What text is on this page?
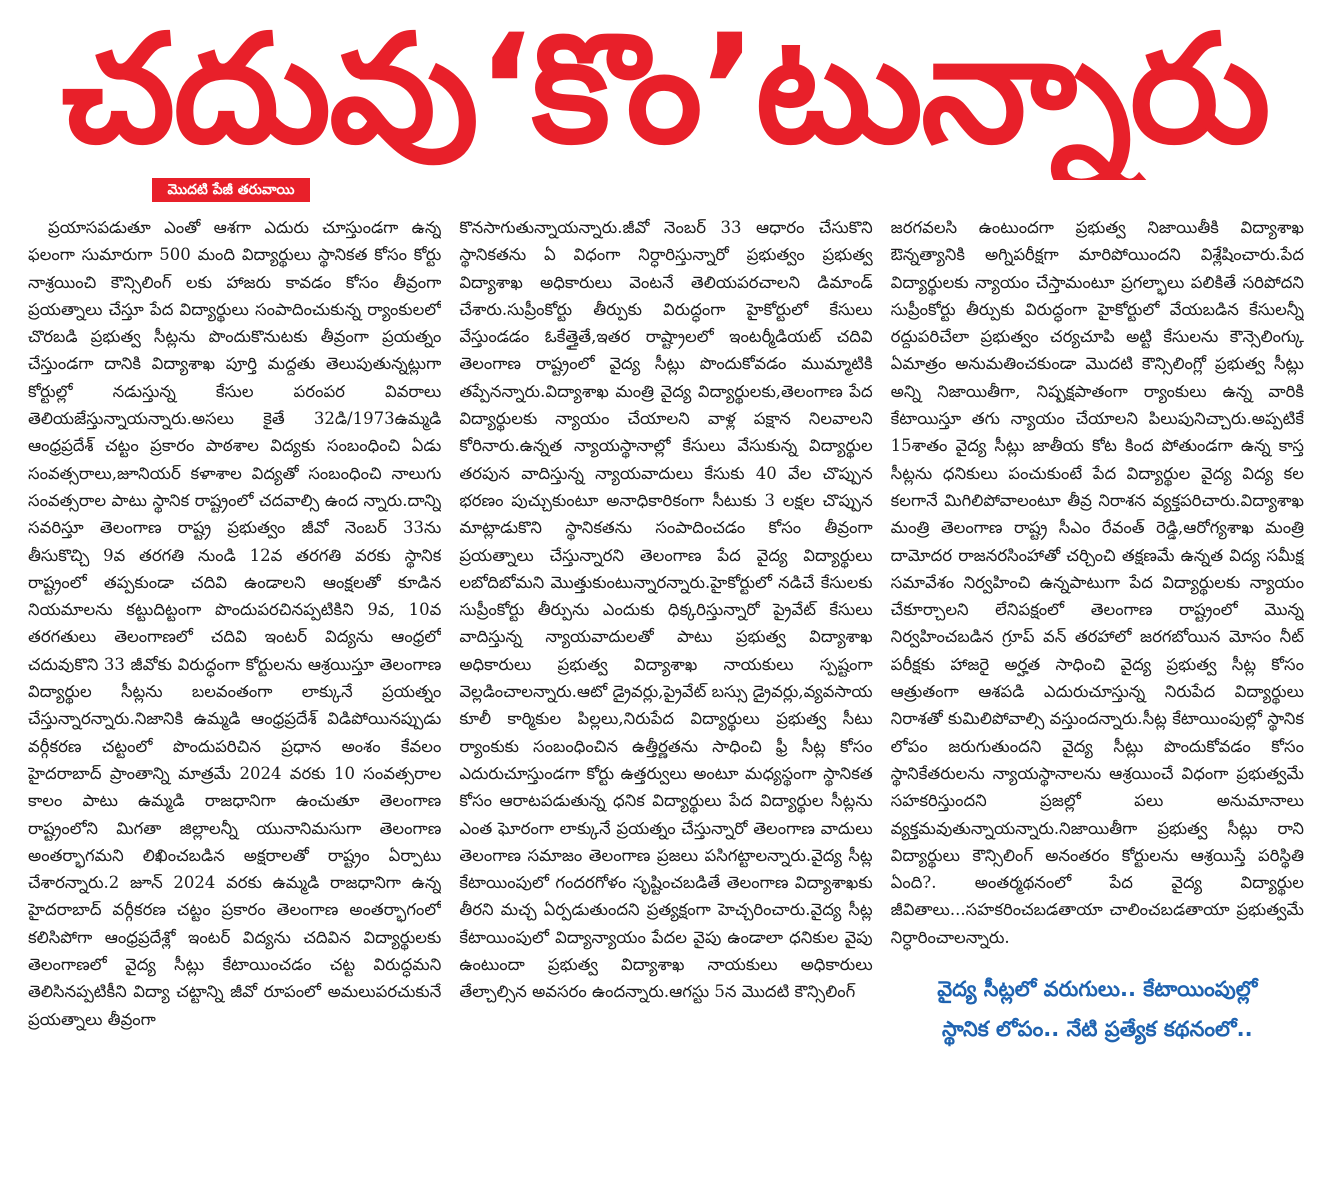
చదువు‘కొం’టున్నారు
మొదటి పేజీ తరువాయి

ప్రయాసపడుతూ ఎంతో ఆశగా ఎదురు చూస్తుండగా ఉన్న ఫలంగా సుమారుగా 500 మంది విద్యార్థులు స్థానికత కోసం కోర్టు నాశ్రయించి కౌన్సిలింగ్ లకు హాజరు కావడం కోసం తీవ్రంగా ప్రయత్నాలు చేస్తూ పేద విద్యార్థులు సంపాదించుకున్న ర్యాంకులలో చొరబడి ప్రభుత్వ సీట్లను పొందుకొనుటకు తీవ్రంగా ప్రయత్నం చేస్తుండగా దానికి విద్యాశాఖ పూర్తి మద్దతు తెలుపుతున్నట్లుగా కోర్టుల్లో నడుస్తున్న కేసుల పరంపర వివరాలు తెలియజేస్తున్నాయన్నారు.అసలు కైతే 32డి/1973ఉమ్మడి ఆంధ్రప్రదేశ్ చట్టం ప్రకారం పాఠశాల విద్యకు సంబంధించి ఏడు సంవత్సరాలు,జూనియర్ కళాశాల విద్యతో సంబంధించి నాలుగు సంవత్సరాల పాటు స్థానిక రాష్ట్రంలో చదవాల్సి ఉంద న్నారు.దాన్ని సవరిస్తూ తెలంగాణ రాష్ట్ర ప్రభుత్వం జీవో నెంబర్ 33ను తీసుకొచ్చి 9వ తరగతి నుండి 12వ తరగతి వరకు స్థానిక రాష్ట్రంలో తప్పకుండా చదివి ఉండాలని ఆంక్షలతో కూడిన నియమాలను కట్టుదిట్టంగా పొందుపరచినప్పటికిని 9వ, 10వ తరగతులు తెలంగాణలో చదివి ఇంటర్ విద్యను ఆంధ్రలో చదువుకొని 33 జీవోకు విరుద్ధంగా కోర్టులను ఆశ్రయిస్తూ తెలంగాణ విద్యార్థుల సీట్లను బలవంతంగా లాక్కునే ప్రయత్నం చేస్తున్నారన్నారు.నిజానికి ఉమ్మడి ఆంధ్రప్రదేశ్ విడిపోయినప్పుడు వర్గీకరణ చట్టంలో పొందుపరిచిన ప్రధాన అంశం కేవలం హైదరాబాద్ ప్రాంతాన్ని మాత్రమే 2024 వరకు 10 సంవత్సరాల కాలం పాటు ఉమ్మడి రాజధానిగా ఉంచుతూ తెలంగాణ రాష్ట్రంలోని మిగతా జిల్లాలన్నీ యునానిమసుగా తెలంగాణ అంతర్భాగమని లిఖించబడిన అక్షరాలతో రాష్ట్రం ఏర్పాటు చేశారన్నారు.2 జూన్ 2024 వరకు ఉమ్మడి రాజధానిగా ఉన్న హైదరాబాద్ వర్గీకరణ చట్టం ప్రకారం తెలంగాణ అంతర్భాగంలో కలిసిపోగా ఆంధ్రప్రదేశ్లో ఇంటర్ విద్యను చదివిన విద్యార్థులకు తెలంగాణలో వైద్య సీట్లు కేటాయించడం చట్ట విరుద్ధమని తెలిసినప్పటికీని విద్యా చట్టాన్ని జీవో రూపంలో అమలుపరచుకునే ప్రయత్నాలు తీవ్రంగా

కొనసాగుతున్నాయన్నారు.జీవో నెంబర్ 33 ఆధారం చేసుకొని స్థానికతను ఏ విధంగా నిర్ధారిస్తున్నారో ప్రభుత్వం ప్రభుత్వ విద్యాశాఖ అధికారులు వెంటనే తెలియపరచాలని డిమాండ్ చేశారు.సుప్రీంకోర్టు తీర్పుకు విరుద్ధంగా హైకోర్టులో కేసులు వేస్తుండడం ఓకేత్తైతే,ఇతర రాష్ట్రాలలో ఇంటర్మీడియట్ చదివి తెలంగాణ రాష్ట్రంలో వైద్య సీట్లు పొందుకోవడం ముమ్మాటికి తప్పేనన్నారు.విద్యాశాఖ మంత్రి వైద్య విద్యార్థులకు,తెలంగాణ పేద విద్యార్థులకు న్యాయం చేయాలని వాళ్ల పక్షాన నిలవాలని కోరినారు.ఉన్నత న్యాయస్థానాల్లో కేసులు వేసుకున్న విద్యార్థుల తరపున వాదిస్తున్న న్యాయవాదులు కేసుకు 40 వేల చొప్పున భరణం పుచ్చుకుంటూ అనాధికారికంగా సీటుకు 3 లక్షల చొప్పున మాట్లాడుకొని స్థానికతను సంపాదించడం కోసం తీవ్రంగా ప్రయత్నాలు చేస్తున్నారని తెలంగాణ పేద వైద్య విద్యార్థులు లబోదిబోమని మొత్తుకుంటున్నారన్నారు.హైకోర్టులో నడిచే కేసులకు సుప్రీంకోర్టు తీర్పును ఎందుకు ధిక్కరిస్తున్నారో ప్రైవేట్ కేసులు వాదిస్తున్న న్యాయవాదులతో పాటు ప్రభుత్వ విద్యాశాఖ అధికారులు ప్రభుత్వ విద్యాశాఖ నాయకులు స్పష్టంగా వెల్లడించాలన్నారు.ఆటో డ్రైవర్లు,ప్రైవేట్ బస్సు డ్రైవర్లు,వ్యవసాయ కూలీ కార్మికుల పిల్లలు,నిరుపేద విద్యార్థులు ప్రభుత్వ సీటు ర్యాంకుకు సంబంధించిన ఉత్తీర్ణతను సాధించి ఫ్రీ సీట్ల కోసం ఎదురుచూస్తుండగా కోర్టు ఉత్తర్వులు అంటూ మధ్యస్థంగా స్థానికత కోసం ఆరాటపడుతున్న ధనిక విద్యార్థులు పేద విద్యార్థుల సీట్లను ఎంత ఘోరంగా లాక్కునే ప్రయత్నం చేస్తున్నారో తెలంగాణ వాదులు తెలంగాణ సమాజం తెలంగాణ ప్రజలు పసిగట్టాలన్నారు.వైద్య సీట్ల కేటాయింపులో గందరగోళం సృష్టించబడితే తెలంగాణ విద్యాశాఖకు తీరని మచ్చ ఏర్పడుతుందని ప్రత్యక్షంగా హెచ్చరించారు.వైద్య సీట్ల కేటాయింపులో విద్యాన్యాయం పేదల వైపు ఉండాలా ధనికుల వైపు ఉంటుందా ప్రభుత్వ విద్యాశాఖ నాయకులు అధికారులు తేల్చాల్సిన అవసరం ఉందన్నారు.ఆగస్టు 5న మొదటి కౌన్సిలింగ్

జరగవలసి ఉంటుందగా ప్రభుత్వ నిజాయితీకి విద్యాశాఖ ఔన్నత్యానికి అగ్నిపరీక్షగా మారిపోయిందని విశ్లేషించారు.పేద విద్యార్థులకు న్యాయం చేస్తామంటూ ప్రగల్భాలు పలికితే సరిపోదని సుప్రీంకోర్టు తీర్పుకు విరుద్ధంగా హైకోర్టులో వేయబడిన కేసులన్నీ రద్దుపరిచేలా ప్రభుత్వం చర్యచూపి అట్టి కేసులను కౌన్సెలింగ్కు ఏమాత్రం అనుమతించకుండా మొదటి కౌన్సిలింగ్లో ప్రభుత్వ సీట్లు అన్ని నిజాయితీగా, నిష్పక్షపాతంగా ర్యాంకులు ఉన్న వారికి కేటాయిస్తూ తగు న్యాయం చేయాలని పిలుపునిచ్చారు.అప్పటికే 15శాతం వైద్య సీట్లు జాతీయ కోట కింద పోతుండగా ఉన్న కాస్త సీట్లను ధనికులు పంచుకుంటే పేద విద్యార్థుల వైద్య విద్య కల కలగానే మిగిలిపోవాలంటూ తీవ్ర నిరాశన వ్యక్తపరిచారు.విద్యాశాఖ మంత్రి తెలంగాణ రాష్ట్ర సీఎం రేవంత్ రెడ్డి,ఆరోగ్యశాఖ మంత్రి దామోదర రాజనరసింహాతో చర్చించి తక్షణమే ఉన్నత విద్య సమీక్ష సమావేశం నిర్వహించి ఉన్నపాటుగా పేద విద్యార్థులకు న్యాయం చేకూర్చాలని లేనిపక్షంలో తెలంగాణ రాష్ట్రంలో మొన్న నిర్వహించబడిన గ్రూప్ వన్ తరహాలో జరగబోయిన మోసం నీట్ పరీక్షకు హాజరై అర్హత సాధించి వైద్య ప్రభుత్వ సీట్ల కోసం ఆత్రుతంగా ఆశపడి ఎదురుచూస్తున్న నిరుపేద విద్యార్థులు నిరాశతో కుమిలిపోవాల్సి వస్తుందన్నారు.సీట్ల కేటాయింపుల్లో స్థానిక లోపం జరుగుతుందని వైద్య సీట్లు పొందుకోవడం కోసం స్థానికేతరులను న్యాయస్థానాలను ఆశ్రయించే విధంగా ప్రభుత్వమే సహకరిస్తుందని ప్రజల్లో పలు అనుమానాలు వ్యక్తమవుతున్నాయన్నారు.నిజాయితీగా ప్రభుత్వ సీట్లు రాని విద్యార్థులు కౌన్సిలింగ్ అనంతరం కోర్టులను ఆశ్రయిస్తే పరిస్థితి ఏంది?. అంతర్మథనంలో పేద వైద్య విద్యార్థుల జీవితాలు...సహకరించబడతాయా చాలించబడతాయా ప్రభుత్వమే నిర్ధారించాలన్నారు.

వైద్య సీట్లలో వరుగులు.. కేటాయింపుల్లో
స్థానిక లోపం.. నేటి ప్రత్యేక కథనంలో..
